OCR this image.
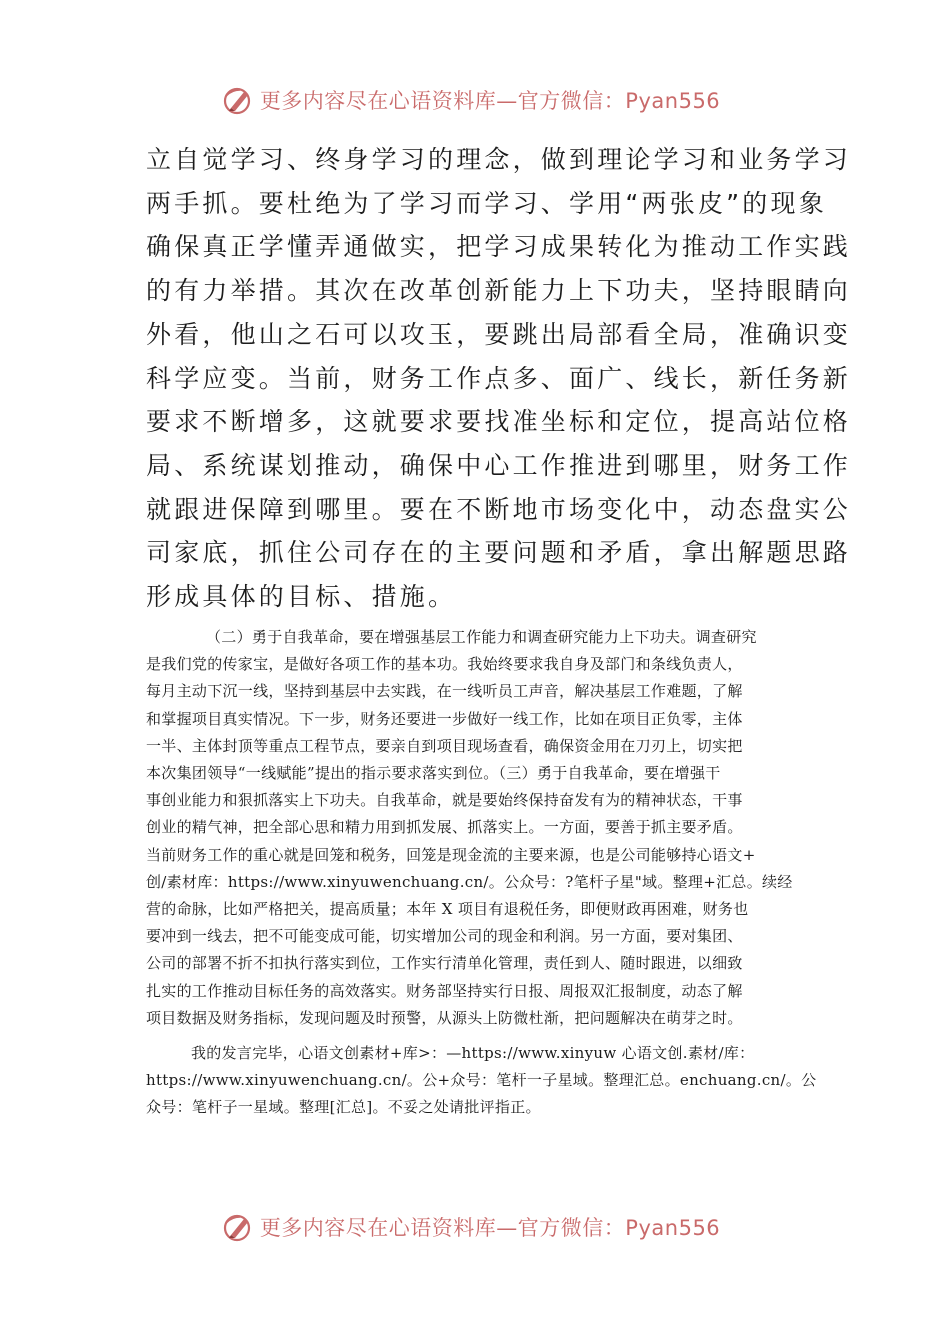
更多内容尽在心语资料库—官方微信：Pyan556
立自觉学习、终身学习的理念，做到理论学习和业务学习
两手抓。要杜绝为了学习而学习、学用“两张皮”的现象
确保真正学懂弄通做实，把学习成果转化为推动工作实践
的有力举措。其次在改革创新能力上下功夫，坚持眼睛向
外看，他山之石可以攻玉，要跳出局部看全局，准确识变
科学应变。当前，财务工作点多、面广、线长，新任务新
要求不断增多，这就要求要找准坐标和定位，提高站位格
局、系统谋划推动，确保中心工作推进到哪里，财务工作
就跟进保障到哪里。要在不断地市场变化中，动态盘实公
司家底，抓住公司存在的主要问题和矛盾，拿出解题思路
形成具体的目标、措施。
（二）勇于自我革命，要在增强基层工作能力和调查研究能力上下功夫。调查研究
是我们党的传家宝，是做好各项工作的基本功。我始终要求我自身及部门和条线负责人，
每月主动下沉一线，坚持到基层中去实践，在一线听员工声音，解决基层工作难题，了解
和掌握项目真实情况。下一步，财务还要进一步做好一线工作，比如在项目正负零，主体
一半、主体封顶等重点工程节点，要亲自到项目现场查看，确保资金用在刀刃上，切实把
本次集团领导“一线赋能”提出的指示要求落实到位。（三）勇于自我革命，要在增强干
事创业能力和狠抓落实上下功夫。自我革命，就是要始终保持奋发有为的精神状态，干事
创业的精气神，把全部心思和精力用到抓发展、抓落实上。一方面，要善于抓主要矛盾。
当前财务工作的重心就是回笼和税务，回笼是现金流的主要来源，也是公司能够持心语文+
创/素材库：https://www.xinyuwenchuang.cn/。公众号：?笔杆子星"域。整理+汇总。续经
营的命脉，比如严格把关，提高质量；本年 X 项目有退税任务，即便财政再困难，财务也
要冲到一线去，把不可能变成可能，切实增加公司的现金和利润。另一方面，要对集团、
公司的部署不折不扣执行落实到位，工作实行清单化管理，责任到人、随时跟进，以细致
扎实的工作推动目标任务的高效落实。财务部坚持实行日报、周报双汇报制度，动态了解
项目数据及财务指标，发现问题及时预警，从源头上防微杜渐，把问题解决在萌芽之时。
我的发言完毕，心语文创素材+库>：—https://www.xinyuw 心语文创.素材/库：
https://www.xinyuwenchuang.cn/。公+众号：笔杆一子星域。整理汇总。enchuang.cn/。公
众号：笔杆子一星域。整理[汇总]。不妥之处请批评指正。
更多内容尽在心语资料库—官方微信：Pyan556
